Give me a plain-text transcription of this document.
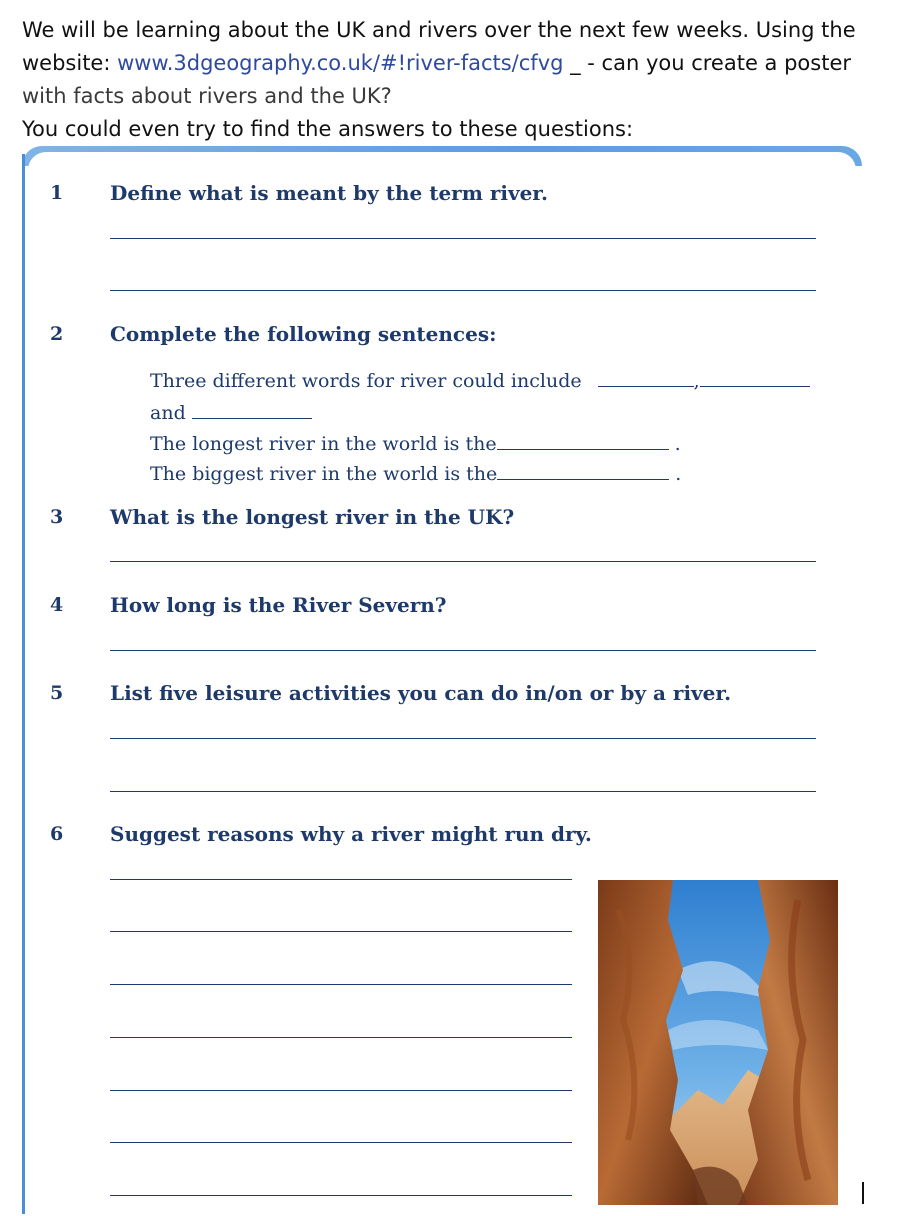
We will be learning about the UK and rivers over the next few weeks. Using the
website: www.3dgeography.co.uk/#!river-facts/cfvg _ - can you create a poster
with facts about rivers and the UK?
You could even try to find the answers to these questions:
1 Define what is meant by the term river.
2 Complete the following sentences:
Three different words for river could include	,
and
The longest river in the world is the	.
The biggest river in the world is the	.
3 What is the longest river in the UK?
4 How long is the River Severn?
5 List five leisure activities you can do in/on or by a river.
6 Suggest reasons why a river might run dry.
